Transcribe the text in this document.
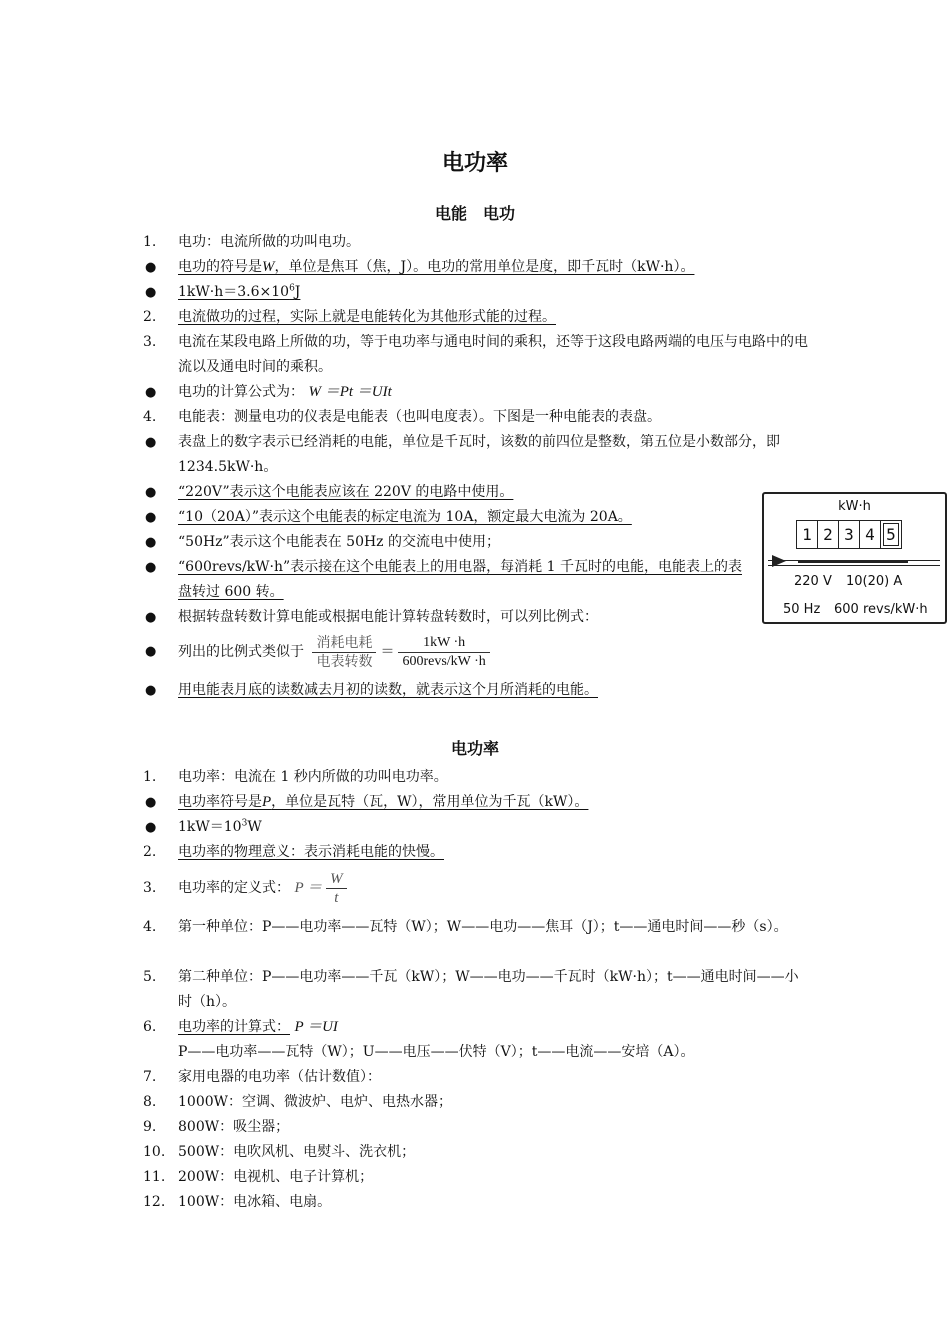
电功率
电能　电功
1.	电功：电流所做的功叫电功。
●	电功的符号是W，单位是焦耳（焦，J）。电功的常用单位是度，即千瓦时（kW·h）。
●	$1kW\cdot h=3.6\times 10^6J$
2.	电流做功的过程，实际上就是电能转化为其他形式能的过程。
3.	电流在某段电路上所做的功，等于电功率与通电时间的乘积，还等于这段电路两端的电压与电路中的电流以及通电时间的乘积。
●	电功的计算公式为： W ＝Pt ＝UIt
4.	电能表：测量电功的仪表是电能表（也叫电度表）。下图是一种电能表的表盘。
●	表盘上的数字表示已经消耗的电能，单位是千瓦时，该数的前四位是整数，第五位是小数部分，即 1234.5kW·h。
●	“220V”表示这个电能表应该在 220V 的电路中使用。
●	“10（20A）”表示这个电能表的标定电流为 10A，额定最大电流为 20A。
●	“50Hz”表示这个电能表在 50Hz 的交流电中使用；
●	“600revs/kW·h”表示接在这个电能表上的用电器，每消耗 1 千瓦时的电能，电能表上的表盘转过 600 转。
●	根据转盘转数计算电能或根据电能计算转盘转数时，可以列比例式：
●	列出的比例式类似于 $\frac{\text{消耗电耗}}{\text{电表转数}} = \frac{1kW \cdot h}{\text{600revs/kW ·h}}$
●	用电能表月底的读数减去月初的读数，就表示这个月所消耗的电能。
kW·h
1 2 3 4 5
220 V 10(20) A
50 Hz 600 revs/kW·h
电功率
1.	电功率：电流在 1 秒内所做的功叫电功率。
●	电功率符号是P，单位是瓦特（瓦，W），常用单位为千瓦（kW）。
●	$1kW=10^3W$
2.	电功率的物理意义：表示消耗电能的快慢。
3.	电功率的定义式： $P = \frac{W}{t}$
4.	第一种单位：P——电功率——瓦特（W）；W——电功——焦耳（J）；t——通电时间——秒（s）。
5.	第二种单位：P——电功率——千瓦（kW）；W——电功——千瓦时（kW·h）；t——通电时间——小时（h）。
6.	电功率的计算式： P ＝UI
P——电功率——瓦特（W）；U——电压——伏特（V）；t——电流——安培（A）。
7.	家用电器的电功率（估计数值）：
8.	1000W：空调、微波炉、电炉、电热水器；
9.	800W：吸尘器；
10. 500W：电吹风机、电熨斗、洗衣机；
11. 200W：电视机、电子计算机；
12. 100W：电冰箱、电扇。
